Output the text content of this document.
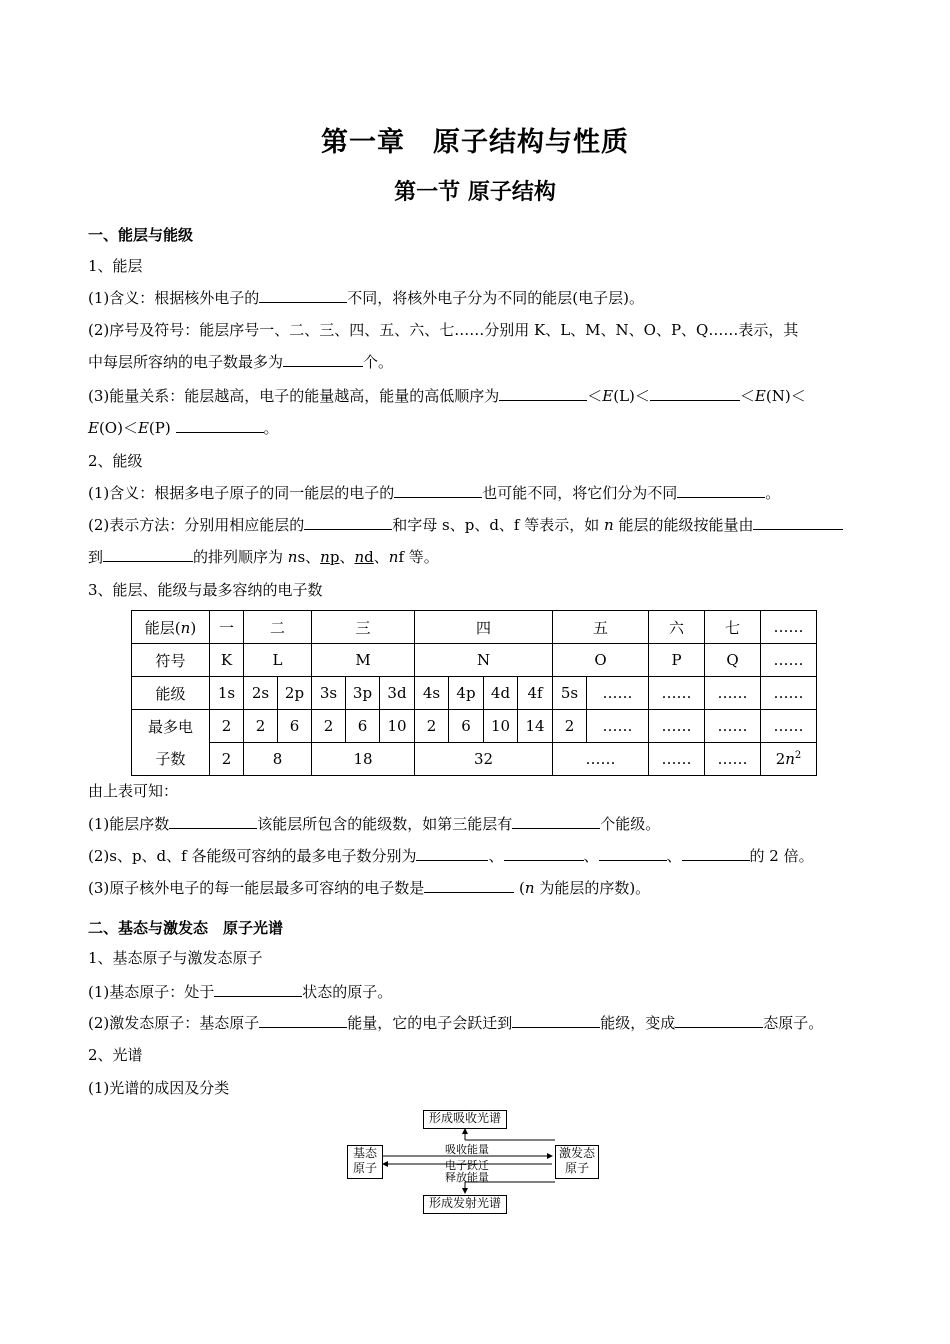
第一章　原子结构与性质
第一节 原子结构
一、能层与能级
1、能层
(1)含义：根据核外电子的	不同，将核外电子分为不同的能层(电子层)。
(2)序号及符号：能层序号一、二、三、四、五、六、七……分别用 K、L、M、N、O、P、Q……表示，其
中每层所容纳的电子数最多为	个。
(3)能量关系：能层越高，电子的能量越高，能量的高低顺序为	＜E(L)＜	＜E(N)＜
E(O)＜E(P)	。
2、能级
(1)含义：根据多电子原子的同一能层的电子的	也可能不同，将它们分为不同	。
(2)表示方法：分别用相应能层的	和字母 s、p、d、f 等表示，如 n 能层的能级按能量由
到	的排列顺序为 ns、np、nd、nf 等。
3、能层、能级与最多容纳的电子数
能层(n)	一	二		三			四				五		六	七	……
符号	K	L		M			N				O		P	Q	……
能级	1s	2s	2p	3s	3p	3d	4s	4p	4d	4f	5s	……	……	……	……
最多电	2	2	6	2	6	10	2	6	10	14	2	……	……	……	……
子数	2	8		18			32				……		……	……	$2n^2$
由上表可知：
(1)能层序数	该能层所包含的能级数，如第三能层有	个能级。
(2)s、p、d、f 各能级可容纳的最多电子数分别为	、	、	、	的 2 倍。
(3)原子核外电子的每一能层最多可容纳的电子数是	(n 为能层的序数)。
二、基态与激发态　原子光谱
1、基态原子与激发态原子
(1)基态原子：处于	状态的原子。
(2)激发态原子：基态原子	能量，它的电子会跃迁到	能级，变成	态原子。
2、光谱
(1)光谱的成因及分类
形成吸收光谱
基态
原子
激发态
原子
形成发射光谱
吸收能量
电子跃迁
释放能量
